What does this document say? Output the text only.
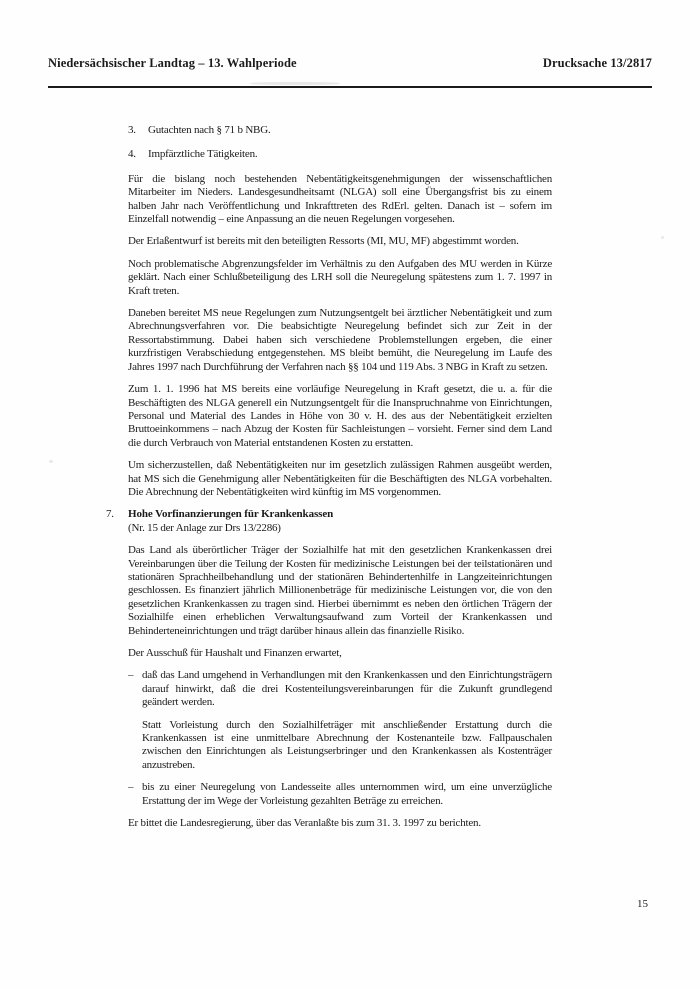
Niedersächsischer Landtag – 13. Wahlperiode	Drucksache 13/2817
3.	Gutachten nach § 71 b NBG.
4.	Impfärztliche Tätigkeiten.

Für die bislang noch bestehenden Nebentätigkeitsgenehmigungen der wissenschaftlichen Mitarbeiter im Nieders. Landesgesundheitsamt (NLGA) soll eine Übergangsfrist bis zu einem halben Jahr nach Veröffentlichung und Inkrafttreten des RdErl. gelten. Danach ist – sofern im Einzelfall notwendig – eine Anpassung an die neuen Regelungen vorgesehen.

Der Erlaßentwurf ist bereits mit den beteiligten Ressorts (MI, MU, MF) abgestimmt worden.

Noch problematische Abgrenzungsfelder im Verhältnis zu den Aufgaben des MU werden in Kürze geklärt. Nach einer Schlußbeteiligung des LRH soll die Neuregelung spätestens zum 1. 7. 1997 in Kraft treten.

Daneben bereitet MS neue Regelungen zum Nutzungsentgelt bei ärztlicher Nebentätigkeit und zum Abrechnungsverfahren vor. Die beabsichtigte Neuregelung befindet sich zur Zeit in der Ressortabstimmung. Dabei haben sich verschiedene Problemstellungen ergeben, die einer kurzfristigen Verabschiedung entgegenstehen. MS bleibt bemüht, die Neuregelung im Laufe des Jahres 1997 nach Durchführung der Verfahren nach §§ 104 und 119 Abs. 3 NBG in Kraft zu setzen.

Zum 1. 1. 1996 hat MS bereits eine vorläufige Neuregelung in Kraft gesetzt, die u. a. für die Beschäftigten des NLGA generell ein Nutzungsentgelt für die Inanspruchnahme von Einrichtungen, Personal und Material des Landes in Höhe von 30 v. H. des aus der Nebentätigkeit erzielten Bruttoeinkommens – nach Abzug der Kosten für Sachleistungen – vorsieht. Ferner sind dem Land die durch Verbrauch von Material entstandenen Kosten zu erstatten.

Um sicherzustellen, daß Nebentätigkeiten nur im gesetzlich zulässigen Rahmen ausgeübt werden, hat MS sich die Genehmigung aller Nebentätigkeiten für die Beschäftigten des NLGA vorbehalten. Die Abrechnung der Nebentätigkeiten wird künftig im MS vorgenommen.

7. Hohe Vorfinanzierungen für Krankenkassen
(Nr. 15 der Anlage zur Drs 13/2286)

Das Land als überörtlicher Träger der Sozialhilfe hat mit den gesetzlichen Krankenkassen drei Vereinbarungen über die Teilung der Kosten für medizinische Leistungen bei der teilstationären und stationären Sprachheilbehandlung und der stationären Behindertenhilfe in Langzeiteinrichtungen geschlossen. Es finanziert jährlich Millionenbeträge für medizinische Leistungen vor, die von den gesetzlichen Krankenkassen zu tragen sind. Hierbei übernimmt es neben den örtlichen Trägern der Sozialhilfe einen erheblichen Verwaltungsaufwand zum Vorteil der Krankenkassen und Behinderteneinrichtungen und trägt darüber hinaus allein das finanzielle Risiko.

Der Ausschuß für Haushalt und Finanzen erwartet,

– daß das Land umgehend in Verhandlungen mit den Krankenkassen und den Einrichtungsträgern darauf hinwirkt, daß die drei Kostenteilungsvereinbarungen für die Zukunft grundlegend geändert werden.

Statt Vorleistung durch den Sozialhilfeträger mit anschließender Erstattung durch die Krankenkassen ist eine unmittelbare Abrechnung der Kostenanteile bzw. Fallpauschalen zwischen den Einrichtungen als Leistungserbringer und den Krankenkassen als Kostenträger anzustreben.

– bis zu einer Neuregelung von Landesseite alles unternommen wird, um eine unverzügliche Erstattung der im Wege der Vorleistung gezahlten Beträge zu erreichen.

Er bittet die Landesregierung, über das Veranlaßte bis zum 31. 3. 1997 zu berichten.

15
